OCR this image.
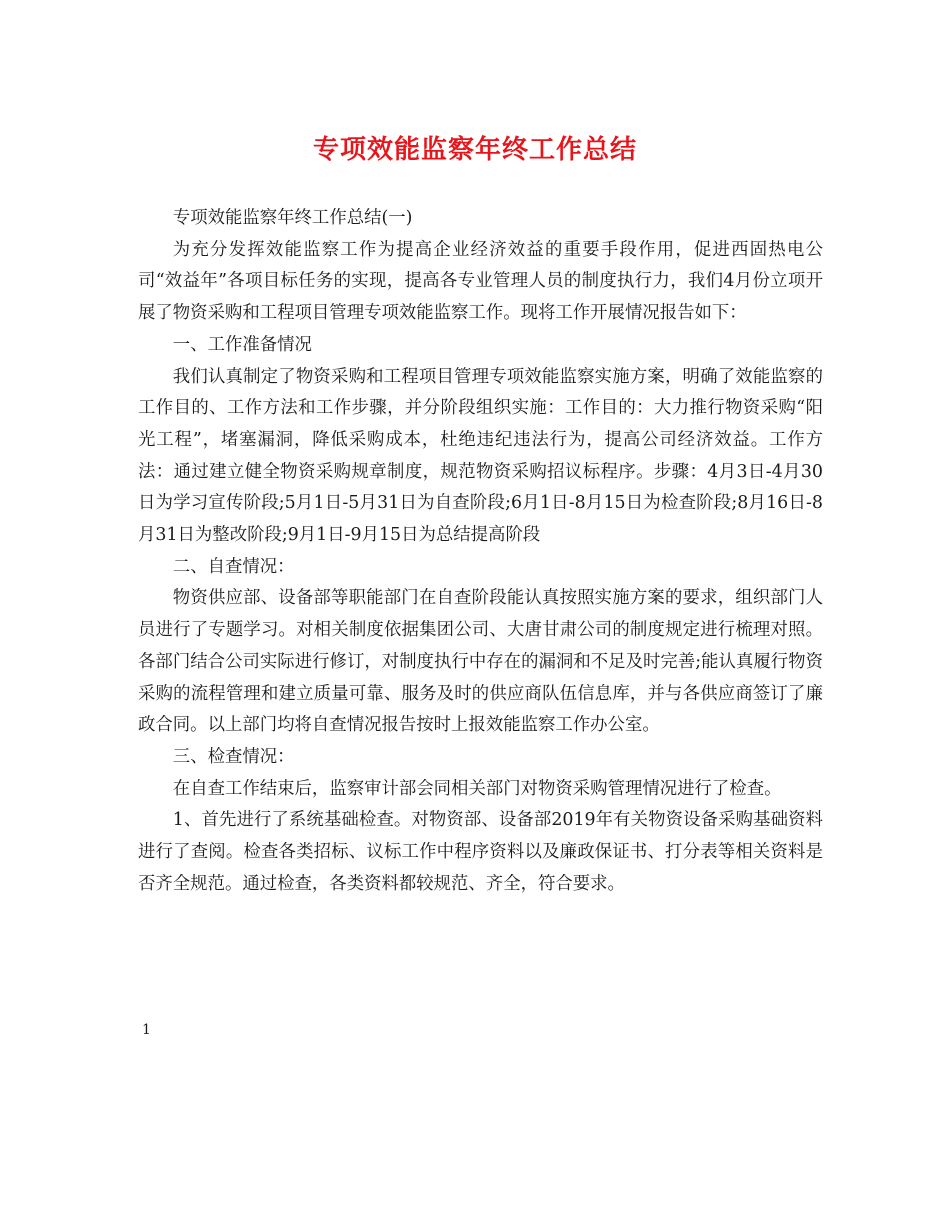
专项效能监察年终工作总结

专项效能监察年终工作总结(一)

为充分发挥效能监察工作为提高企业经济效益的重要手段作用，促进西固热电公司“效益年”各项目标任务的实现，提高各专业管理人员的制度执行力，我们4月份立项开展了物资采购和工程项目管理专项效能监察工作。现将工作开展情况报告如下：

一、工作准备情况

我们认真制定了物资采购和工程项目管理专项效能监察实施方案，明确了效能监察的工作目的、工作方法和工作步骤，并分阶段组织实施：工作目的：大力推行物资采购“阳光工程”，堵塞漏洞，降低采购成本，杜绝违纪违法行为，提高公司经济效益。工作方法：通过建立健全物资采购规章制度，规范物资采购招议标程序。步骤：4月3日-4月30日为学习宣传阶段;5月1日-5月31日为自查阶段;6月1日-8月15日为检查阶段;8月16日-8月31日为整改阶段;9月1日-9月15日为总结提高阶段

二、自查情况：

物资供应部、设备部等职能部门在自查阶段能认真按照实施方案的要求，组织部门人员进行了专题学习。对相关制度依据集团公司、大唐甘肃公司的制度规定进行梳理对照。各部门结合公司实际进行修订，对制度执行中存在的漏洞和不足及时完善;能认真履行物资采购的流程管理和建立质量可靠、服务及时的供应商队伍信息库，并与各供应商签订了廉政合同。以上部门均将自查情况报告按时上报效能监察工作办公室。

三、检查情况：

在自查工作结束后，监察审计部会同相关部门对物资采购管理情况进行了检查。

1、首先进行了系统基础检查。对物资部、设备部2019年有关物资设备采购基础资料进行了查阅。检查各类招标、议标工作中程序资料以及廉政保证书、打分表等相关资料是否齐全规范。通过检查，各类资料都较规范、齐全，符合要求。

1
